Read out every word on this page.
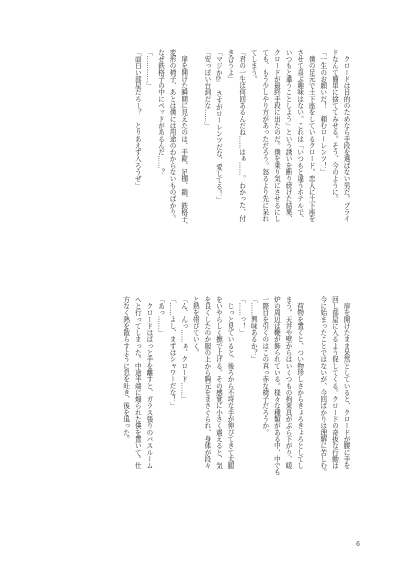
　クロードは目的のためなら手段を選ばない男だ。プライ

ドなんて簡単に捨ててみせる。そう、今のように。

「一生のお願いだ！　頼むローレンツ！」

　僕の足元で土下座をしているクロード。恋人に土下座を

させて喜ぶ趣味はない。これは「いつもと違うホテルで、

いつもと違うことしよう」という誘いを断り続けた結果、

クロードが最終手段に出たのだ。僕を乗り気にさせるにし

ても、もう少しやり方があっただろう。怒るより先に呆れ

てしまう。

「君の一生は何回あるんだね……はぁ……。わかった、付

き合うよ」

「マジか⁉　さすがローレンツだな、愛してる！」

「安っぽい台詞だな……」

　扉を開けた瞬間に見えたのは、手錠、足枷、鎖、鉄格子、

変形の椅子、あとは僕には用途のわからないものばかり。

なぜ鉄格子の中にベッドがあるんだ……？

「…………」

「面白い部屋だろー？　とりあえず入ろうぜ」

　扉を開けたまま呆然としていると、クロードが腰に手を

回し部屋に入るよう促してくる。クロードの奇抜な行動は

今に始まったことではないが、今回ばかりは理解に苦しむ。

　荷物を置くと、つい物珍しさからきょろきょろとしてし

まう。天井や壁からはいくつもの拘束具がぶら下がり、暖

炉の周辺は鞭が飾られている。様々な種類がある中、中でも

一際目を引くのはこの真っ赤な椅子だろうか。

「……興味あるか？」

「……っ！」

　じっと見ていると、後ろから不埒な手が伸びてきて太腿

をいやらしく撫で上げる。その感覚に小さく震えると、気

を良くしたのか服の上から胸元をまさぐられ、身体が段々

と熱を帯びていく。

「ん、んっ……ぁ、クロード……」

「……よし、まずはシャワーだな！」

「あっ……」

　クロードはぱっと手を離すと、ガラス張りのバスルーム

へと行ってしまった。中途半端に煽られた僕を置いて。仕

方なく熱を散らすように息を吐き、後を追った。

6
